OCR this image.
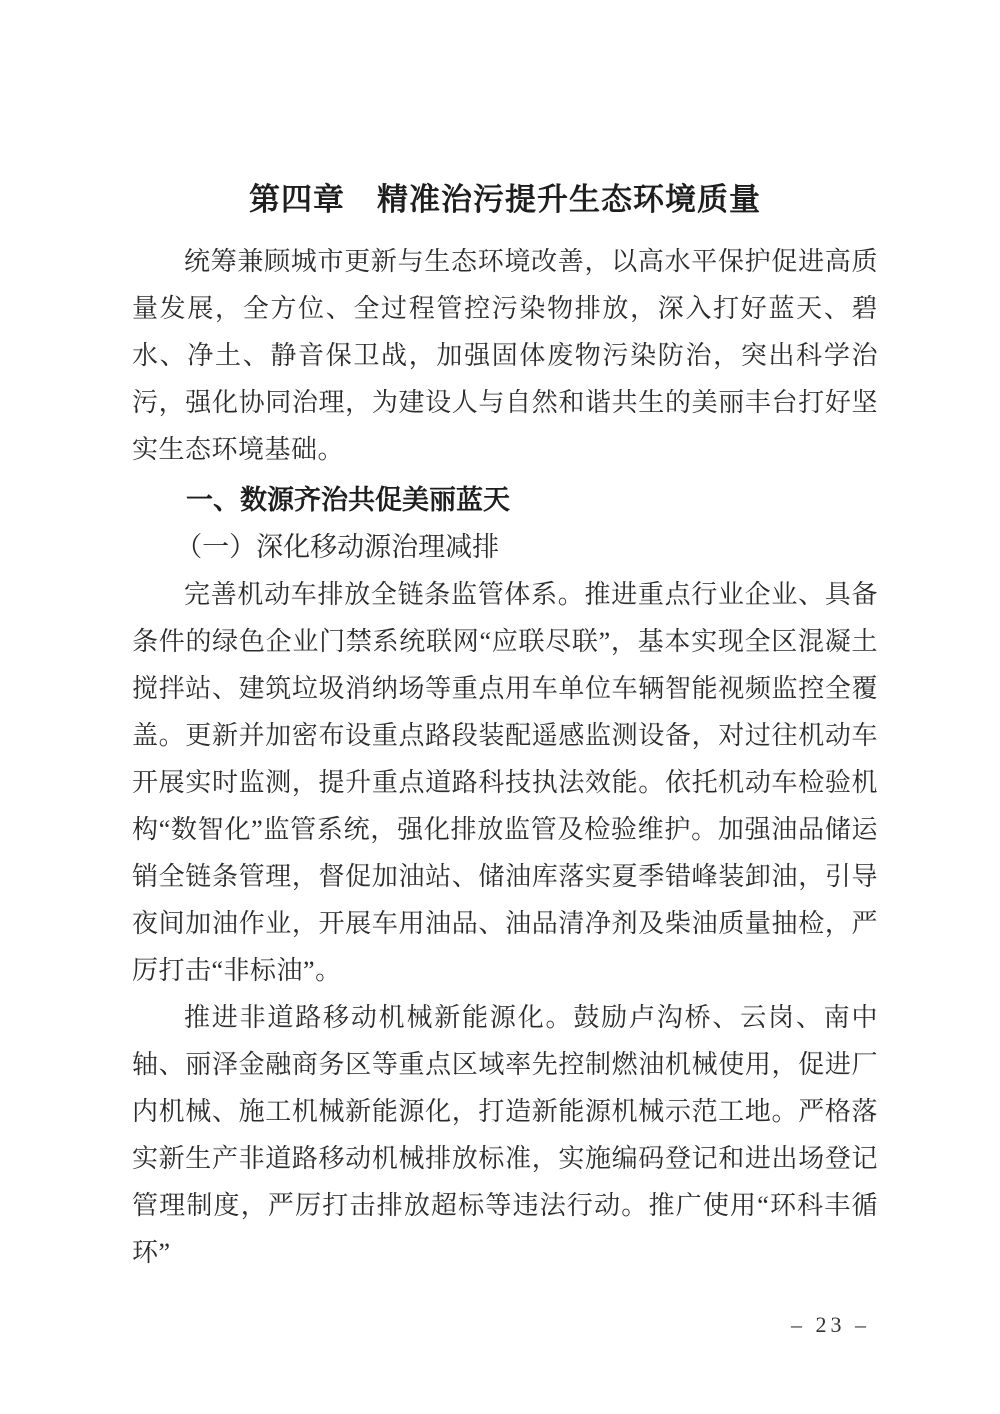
第四章　精准治污提升生态环境质量

统筹兼顾城市更新与生态环境改善，以高水平保护促进高质量发展，全方位、全过程管控污染物排放，深入打好蓝天、碧水、净土、静音保卫战，加强固体废物污染防治，突出科学治污，强化协同治理，为建设人与自然和谐共生的美丽丰台打好坚实生态环境基础。

一、数源齐治共促美丽蓝天
（一）深化移动源治理减排

完善机动车排放全链条监管体系。推进重点行业企业、具备条件的绿色企业门禁系统联网“应联尽联”，基本实现全区混凝土搅拌站、建筑垃圾消纳场等重点用车单位车辆智能视频监控全覆盖。更新并加密布设重点路段装配遥感监测设备，对过往机动车开展实时监测，提升重点道路科技执法效能。依托机动车检验机构“数智化”监管系统，强化排放监管及检验维护。加强油品储运销全链条管理，督促加油站、储油库落实夏季错峰装卸油，引导夜间加油作业，开展车用油品、油品清净剂及柴油质量抽检，严厉打击“非标油”。

推进非道路移动机械新能源化。鼓励卢沟桥、云岗、南中轴、丽泽金融商务区等重点区域率先控制燃油机械使用，促进厂内机械、施工机械新能源化，打造新能源机械示范工地。严格落实新生产非道路移动机械排放标准，实施编码登记和进出场登记管理制度，严厉打击排放超标等违法行动。推广使用“环科丰循环”

– 23 –
